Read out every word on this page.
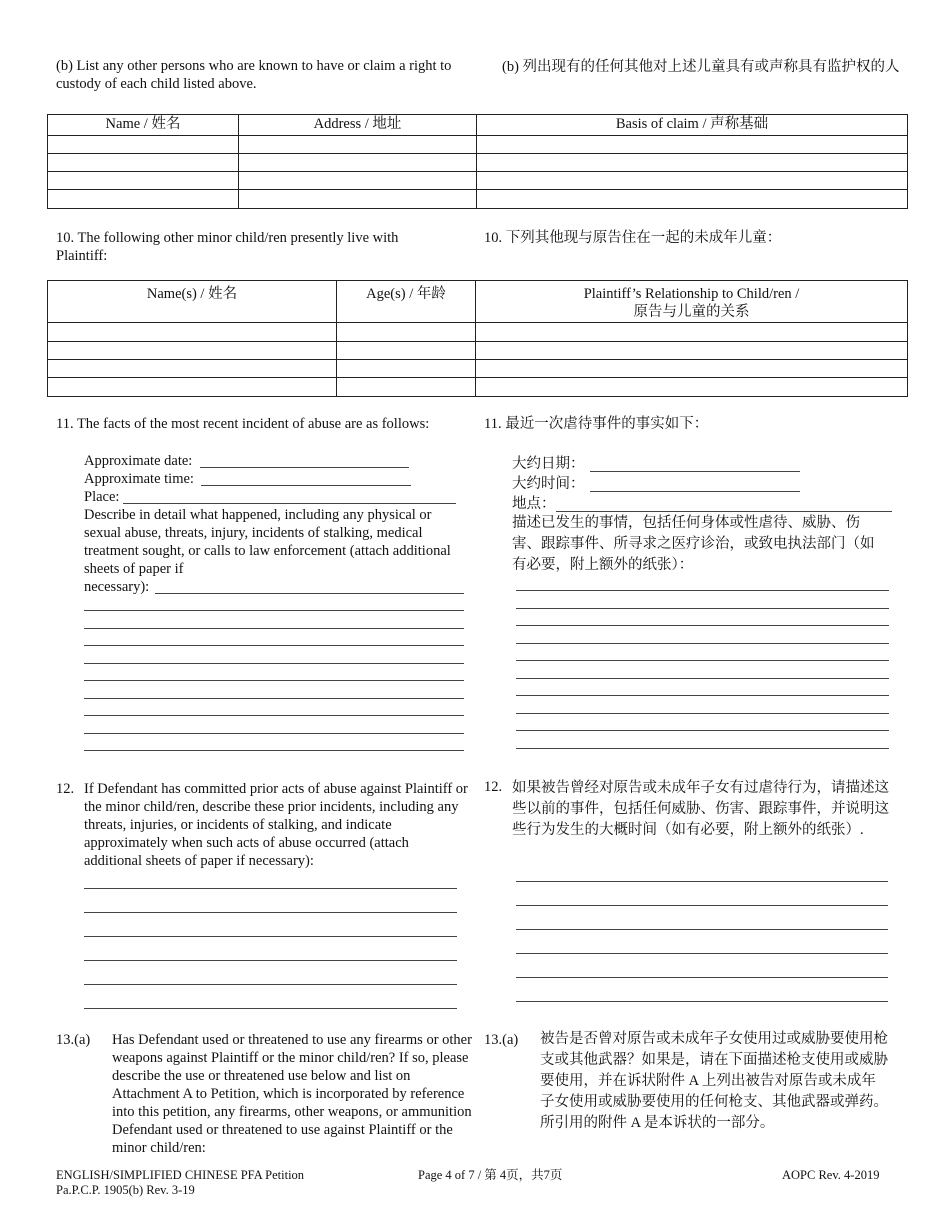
(b) List any other persons who are known to have or claim a right to custody of each child listed above.
(b) 列出现有的任何其他对上述儿童具有或声称具有监护权的人
Name / 姓名	Address / 地址	Basis of claim / 声称基础
10. The following other minor child/ren presently live with Plaintiff:
10. 下列其他现与原告住在一起的未成年儿童：
Name(s) / 姓名	Age(s) / 年龄	Plaintiff’s Relationship to Child/ren /
原告与儿童的关系
11. The facts of the most recent incident of abuse are as follows:
Approximate date:
Approximate time:
Place:
Describe in detail what happened, including any physical or sexual abuse, threats, injury, incidents of stalking, medical treatment sought, or calls to law enforcement (attach additional sheets of paper if
necessary):
11. 最近一次虐待事件的事实如下：
大约日期：
大约时间：
地点：
描述已发生的事情，包括任何身体或性虐待、威胁、伤害、跟踪事件、所寻求之医疗诊治，或致电执法部门（如有必要，附上额外的纸张）：
12. If Defendant has committed prior acts of abuse against Plaintiff or the minor child/ren, describe these prior incidents, including any threats, injuries, or incidents of stalking, and indicate approximately when such acts of abuse occurred (attach additional sheets of paper if necessary):
12. 如果被告曾经对原告或未成年子女有过虐待行为，请描述这些以前的事件，包括任何威胁、伤害、跟踪事件，并说明这些行为发生的大概时间（如有必要，附上额外的纸张）.
13.(a) Has Defendant used or threatened to use any firearms or other weapons against Plaintiff or the minor child/ren? If so, please describe the use or threatened use below and list on Attachment A to Petition, which is incorporated by reference into this petition, any firearms, other weapons, or ammunition Defendant used or threatened to use against Plaintiff or the minor child/ren:
13.(a) 被告是否曾对原告或未成年子女使用过或威胁要使用枪支或其他武器？如果是，请在下面描述枪支使用或威胁要使用，并在诉状附件 A 上列出被告对原告或未成年子女使用或威胁要使用的任何枪支、其他武器或弹药。所引用的附件 A 是本诉状的一部分。
ENGLISH/SIMPLIFIED CHINESE PFA Petition
Pa.P.C.P. 1905(b) Rev. 3-19
Page 4 of 7 / 第 4页，共7页	AOPC Rev. 4-2019
